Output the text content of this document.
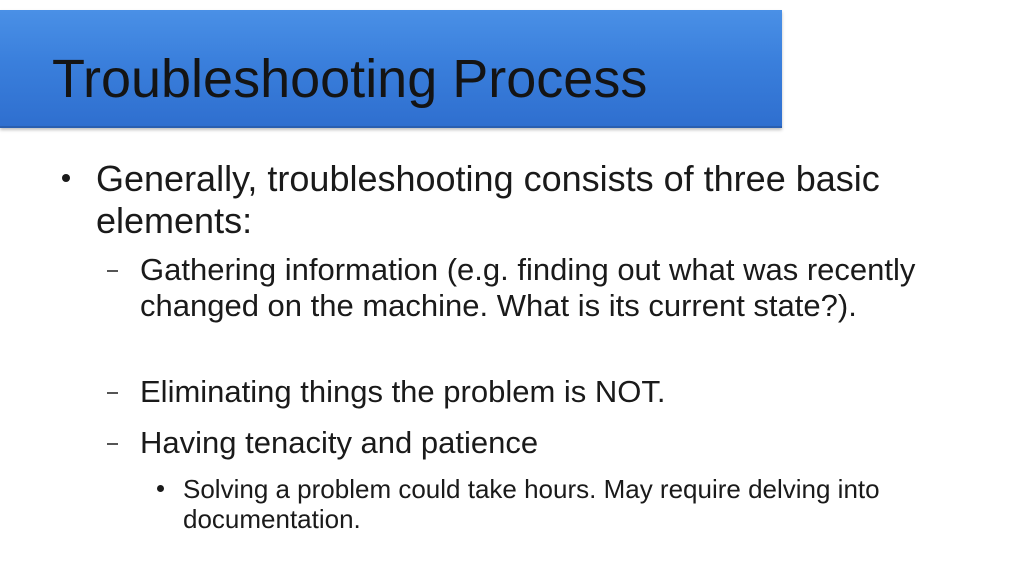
Troubleshooting Process
Generally, troubleshooting consists of three basic elements:
Gathering information (e.g. finding out what was recently changed on the machine. What is its current state?).
Eliminating things the problem is NOT.
Having tenacity and patience
Solving a problem could take hours. May require delving into documentation.
